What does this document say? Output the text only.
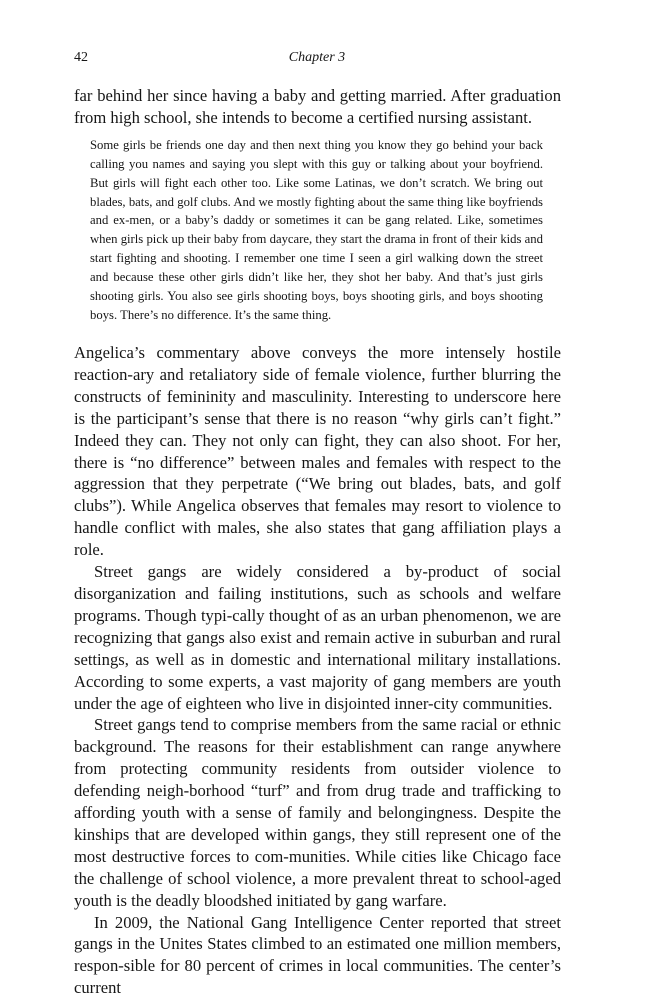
42	Chapter 3

far behind her since having a baby and getting married. After graduation from high school, she intends to become a certified nursing assistant.

Some girls be friends one day and then next thing you know they go behind your back calling you names and saying you slept with this guy or talking about your boyfriend. But girls will fight each other too. Like some Latinas, we don’t scratch. We bring out blades, bats, and golf clubs. And we mostly fighting about the same thing like boyfriends and ex-men, or a baby’s daddy or sometimes it can be gang related. Like, sometimes when girls pick up their baby from daycare, they start the drama in front of their kids and start fighting and shooting. I remember one time I seen a girl walking down the street and because these other girls didn’t like her, they shot her baby. And that’s just girls shooting girls. You also see girls shooting boys, boys shooting girls, and boys shooting boys. There’s no difference. It’s the same thing.

Angelica’s commentary above conveys the more intensely hostile reaction-ary and retaliatory side of female violence, further blurring the constructs of femininity and masculinity. Interesting to underscore here is the participant’s sense that there is no reason “why girls can’t fight.” Indeed they can. They not only can fight, they can also shoot. For her, there is “no difference” between males and females with respect to the aggression that they perpetrate (“We bring out blades, bats, and golf clubs”). While Angelica observes that females may resort to violence to handle conflict with males, she also states that gang affiliation plays a role.

Street gangs are widely considered a by-product of social disorganization and failing institutions, such as schools and welfare programs. Though typi-cally thought of as an urban phenomenon, we are recognizing that gangs also exist and remain active in suburban and rural settings, as well as in domestic and international military installations. According to some experts, a vast majority of gang members are youth under the age of eighteen who live in disjointed inner-city communities.

Street gangs tend to comprise members from the same racial or ethnic background. The reasons for their establishment can range anywhere from protecting community residents from outsider violence to defending neigh-borhood “turf” and from drug trade and trafficking to affording youth with a sense of family and belongingness. Despite the kinships that are developed within gangs, they still represent one of the most destructive forces to com-munities. While cities like Chicago face the challenge of school violence, a more prevalent threat to school-aged youth is the deadly bloodshed initiated by gang warfare.

In 2009, the National Gang Intelligence Center reported that street gangs in the Unites States climbed to an estimated one million members, respon-sible for 80 percent of crimes in local communities. The center’s current
